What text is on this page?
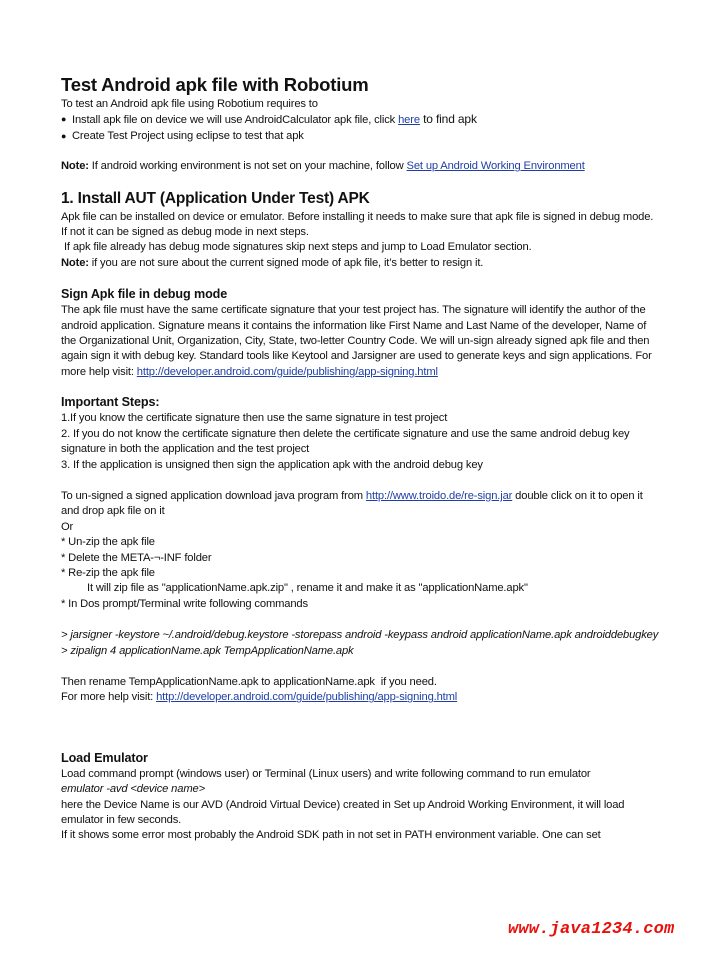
Test Android apk file with Robotium

To test an Android apk file using Robotium requires to

● Install apk file on device we will use AndroidCalculator apk file, click here to find apk
● Create Test Project using eclipse to test that apk

Note: If android working environment is not set on your machine, follow Set up Android Working Environment

1. Install AUT (Application Under Test) APK

Apk file can be installed on device or emulator. Before installing it needs to make sure that apk file is signed in debug mode. If not it can be signed as debug mode in next steps.

If apk file already has debug mode signatures skip next steps and jump to Load Emulator section.

Note: if you are not sure about the current signed mode of apk file, it’s better to resign it.

Sign Apk file in debug mode

The apk file must have the same certificate signature that your test project has. The signature will identify the author of the android application. Signature means it contains the information like First Name and Last Name of the developer, Name of the Organizational Unit, Organization, City, State, two-letter Country Code. We will un-sign already signed apk file and then again sign it with debug key. Standard tools like Keytool and Jarsigner are used to generate keys and sign applications. For more help visit: http://developer.android.com/guide/publishing/app-signing.html

Important Steps:

1.If you know the certificate signature then use the same signature in test project

2. If you do not know the certificate signature then delete the certificate signature and use the same android debug key signature in both the application and the test project

3. If the application is unsigned then sign the application apk with the android debug key

To un-signed a signed application download java program from http://www.troido.de/re-sign.jar double click on it to open it and drop apk file on it

Or

* Un-zip the apk file

* Delete the META-¬-INF folder

* Re-zip the apk file

It will zip file as "applicationName.apk.zip" , rename it and make it as "applicationName.apk"

* In Dos prompt/Terminal write following commands

> jarsigner -keystore ~/.android/debug.keystore -storepass android -keypass android applicationName.apk androiddebugkey

> zipalign 4 applicationName.apk TempApplicationName.apk

Then rename TempApplicationName.apk to applicationName.apk  if you need.

For more help visit: http://developer.android.com/guide/publishing/app-signing.html

Load Emulator

Load command prompt (windows user) or Terminal (Linux users) and write following command to run emulator

emulator -avd <device name>

here the Device Name is our AVD (Android Virtual Device) created in Set up Android Working Environment, it will load emulator in few seconds.

If it shows some error most probably the Android SDK path in not set in PATH environment variable. One can set

www.java1234.com
